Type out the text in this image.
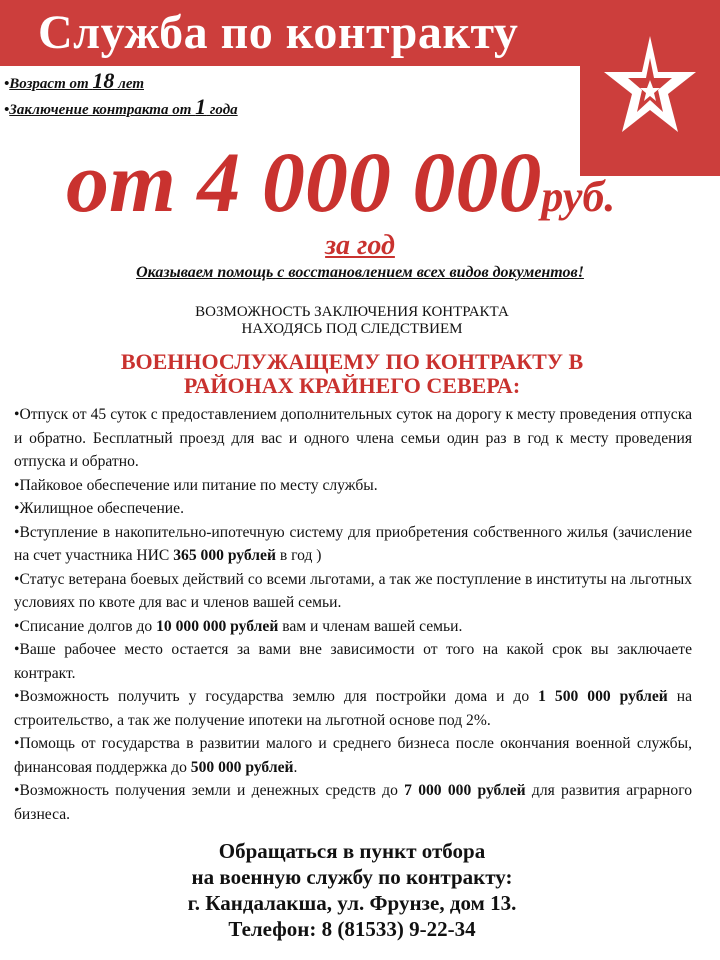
Служба по контракту
•Возраст от 18 лет
•Заключение контракта от 1 года
от 4 000 000руб.
за год
Оказываем помощь с восстановлением всех видов документов!
ВОЗМОЖНОСТЬ ЗАКЛЮЧЕНИЯ КОНТРАКТА
НАХОДЯСЬ ПОД СЛЕДСТВИЕМ
ВОЕННОСЛУЖАЩЕМУ ПО КОНТРАКТУ В
РАЙОНАХ КРАЙНЕГО СЕВЕРА:

•Отпуск от 45 суток с предоставлением дополнительных суток на дорогу к месту проведения отпуска и обратно. Бесплатный проезд для вас и одного члена семьи один раз в год к месту проведения отпуска и обратно.

•Пайковое обеспечение или питание по месту службы.

•Жилищное обеспечение.

•Вступление в накопительно-ипотечную систему для приобретения собственного жилья (зачисление на счет участника НИС 365 000 рублей в год )

•Статус ветерана боевых действий со всеми льготами, а так же поступление в институты на льготных условиях по квоте для вас и членов вашей семьи.

•Списание долгов до 10 000 000 рублей вам и членам вашей семьи.

•Ваше рабочее место остается за вами вне зависимости от того на какой срок вы заключаете контракт.

•Возможность получить у государства землю для постройки дома и до 1 500 000 рублей на строительство, а так же получение ипотеки на льготной основе под 2%.

•Помощь от государства в развитии малого и среднего бизнеса после окончания военной службы, финансовая поддержка до 500 000 рублей.

•Возможность получения земли и денежных средств до 7 000 000 рублей для развития аграрного бизнеса.

Обращаться в пункт отбора
на военную службу по контракту:
г. Кандалакша, ул. Фрунзе, дом 13.
Телефон: 8 (81533) 9-22-34
